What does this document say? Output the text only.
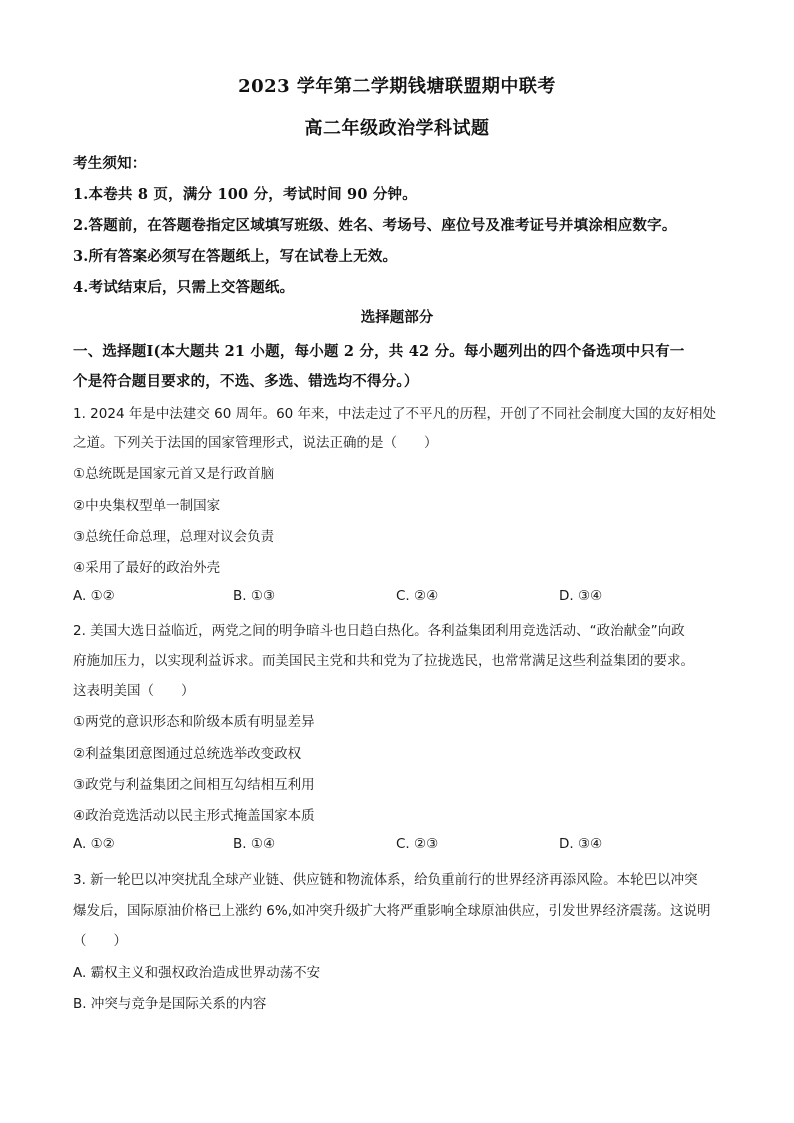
2023 学年第二学期钱塘联盟期中联考
高二年级政治学科试题
考生须知：
1.本卷共 8 页，满分 100 分，考试时间 90 分钟。
2.答题前，在答题卷指定区域填写班级、姓名、考场号、座位号及准考证号并填涂相应数字。
3.所有答案必须写在答题纸上，写在试卷上无效。
4.考试结束后，只需上交答题纸。
选择题部分
一、选择题Ⅰ(本大题共 21 小题，每小题 2 分，共 42 分。每小题列出的四个备选项中只有一
个是符合题目要求的，不选、多选、错选均不得分。）
1. 2024 年是中法建交 60 周年。60 年来，中法走过了不平凡的历程，开创了不同社会制度大国的友好相处
之道。下列关于法国的国家管理形式，说法正确的是（　　）
①总统既是国家元首又是行政首脑
②中央集权型单一制国家
③总统任命总理，总理对议会负责
④采用了最好的政治外壳
A. ①②	B. ①③	C. ②④	D. ③④
2. 美国大选日益临近，两党之间的明争暗斗也日趋白热化。各利益集团利用竞选活动、“政治献金”向政
府施加压力，以实现利益诉求。而美国民主党和共和党为了拉拢选民，也常常满足这些利益集团的要求。
这表明美国（　　）
①两党的意识形态和阶级本质有明显差异
②利益集团意图通过总统选举改变政权
③政党与利益集团之间相互勾结相互利用
④政治竞选活动以民主形式掩盖国家本质
A. ①②	B. ①④	C. ②③	D. ③④
3. 新一轮巴以冲突扰乱全球产业链、供应链和物流体系，给负重前行的世界经济再添风险。本轮巴以冲突
爆发后，国际原油价格已上涨约 6%,如冲突升级扩大将严重影响全球原油供应，引发世界经济震荡。这说明
（　　）
A. 霸权主义和强权政治造成世界动荡不安
B. 冲突与竞争是国际关系的内容
